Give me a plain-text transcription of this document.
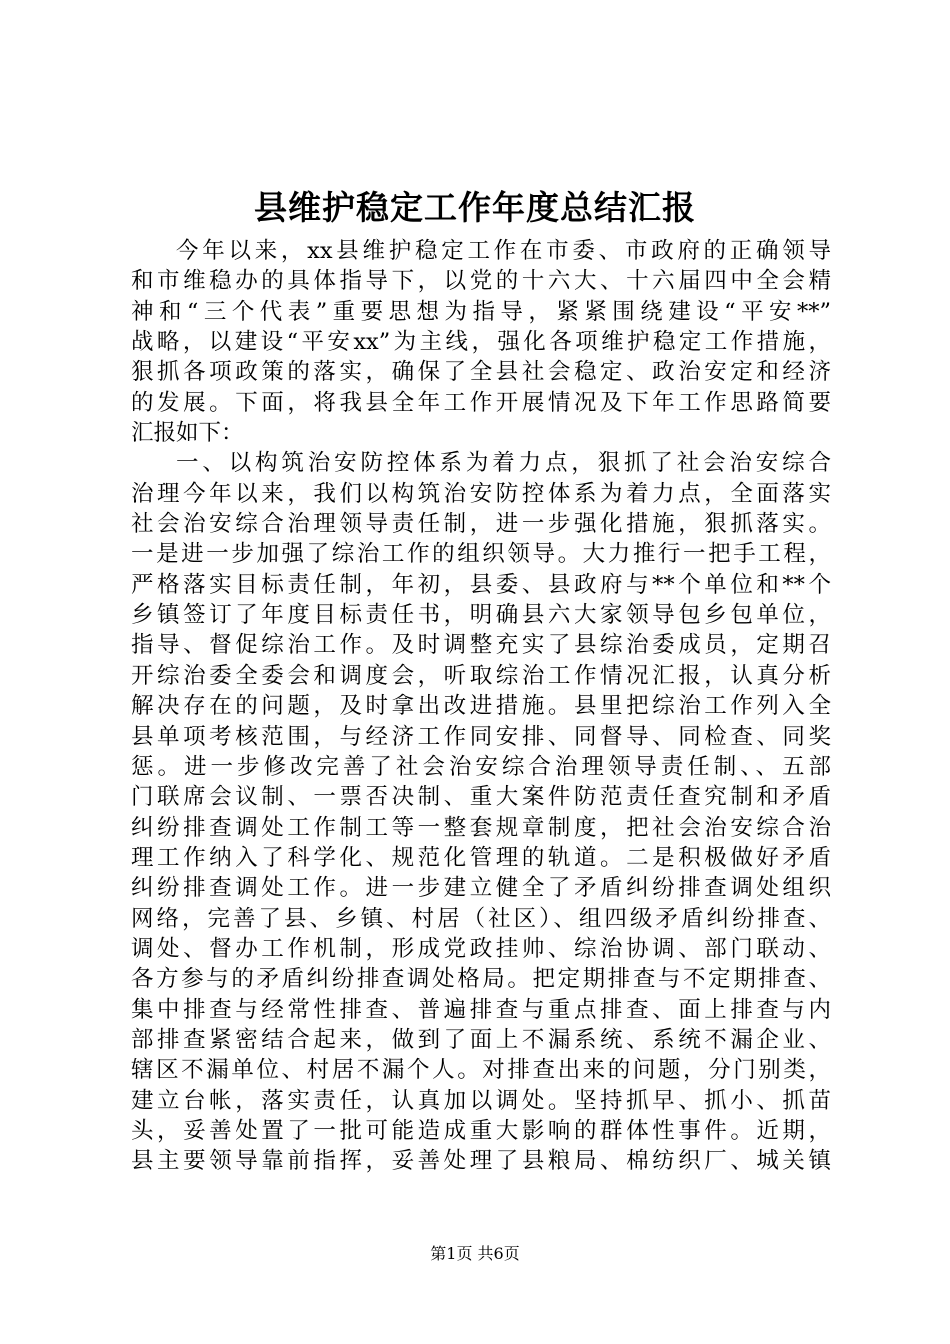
县维护稳定工作年度总结汇报
今年以来，xx县维护稳定工作在市委、市政府的正确领导
和市维稳办的具体指导下，以党的十六大、十六届四中全会精
神和“三个代表”重要思想为指导，紧紧围绕建设“平安**”
战略，以建设“平安xx”为主线，强化各项维护稳定工作措施，
狠抓各项政策的落实，确保了全县社会稳定、政治安定和经济
的发展。下面，将我县全年工作开展情况及下年工作思路简要
汇报如下：
一、以构筑治安防控体系为着力点，狠抓了社会治安综合
治理今年以来，我们以构筑治安防控体系为着力点，全面落实
社会治安综合治理领导责任制，进一步强化措施，狠抓落实。
一是进一步加强了综治工作的组织领导。大力推行一把手工程，
严格落实目标责任制，年初，县委、县政府与**个单位和**个
乡镇签订了年度目标责任书，明确县六大家领导包乡包单位，
指导、督促综治工作。及时调整充实了县综治委成员，定期召
开综治委全委会和调度会，听取综治工作情况汇报，认真分析
解决存在的问题，及时拿出改进措施。县里把综治工作列入全
县单项考核范围，与经济工作同安排、同督导、同检查、同奖
惩。进一步修改完善了社会治安综合治理领导责任制、、五部
门联席会议制、一票否决制、重大案件防范责任查究制和矛盾
纠纷排查调处工作制工等一整套规章制度，把社会治安综合治
理工作纳入了科学化、规范化管理的轨道。二是积极做好矛盾
纠纷排查调处工作。进一步建立健全了矛盾纠纷排查调处组织
网络，完善了县、乡镇、村居（社区）、组四级矛盾纠纷排查、
调处、督办工作机制，形成党政挂帅、综治协调、部门联动、
各方参与的矛盾纠纷排查调处格局。把定期排查与不定期排查、
集中排查与经常性排查、普遍排查与重点排查、面上排查与内
部排查紧密结合起来，做到了面上不漏系统、系统不漏企业、
辖区不漏单位、村居不漏个人。对排查出来的问题，分门别类，
建立台帐，落实责任，认真加以调处。坚持抓早、抓小、抓苗
头，妥善处置了一批可能造成重大影响的群体性事件。近期，
县主要领导靠前指挥，妥善处理了县粮局、棉纺织厂、城关镇
第1页 共6页
